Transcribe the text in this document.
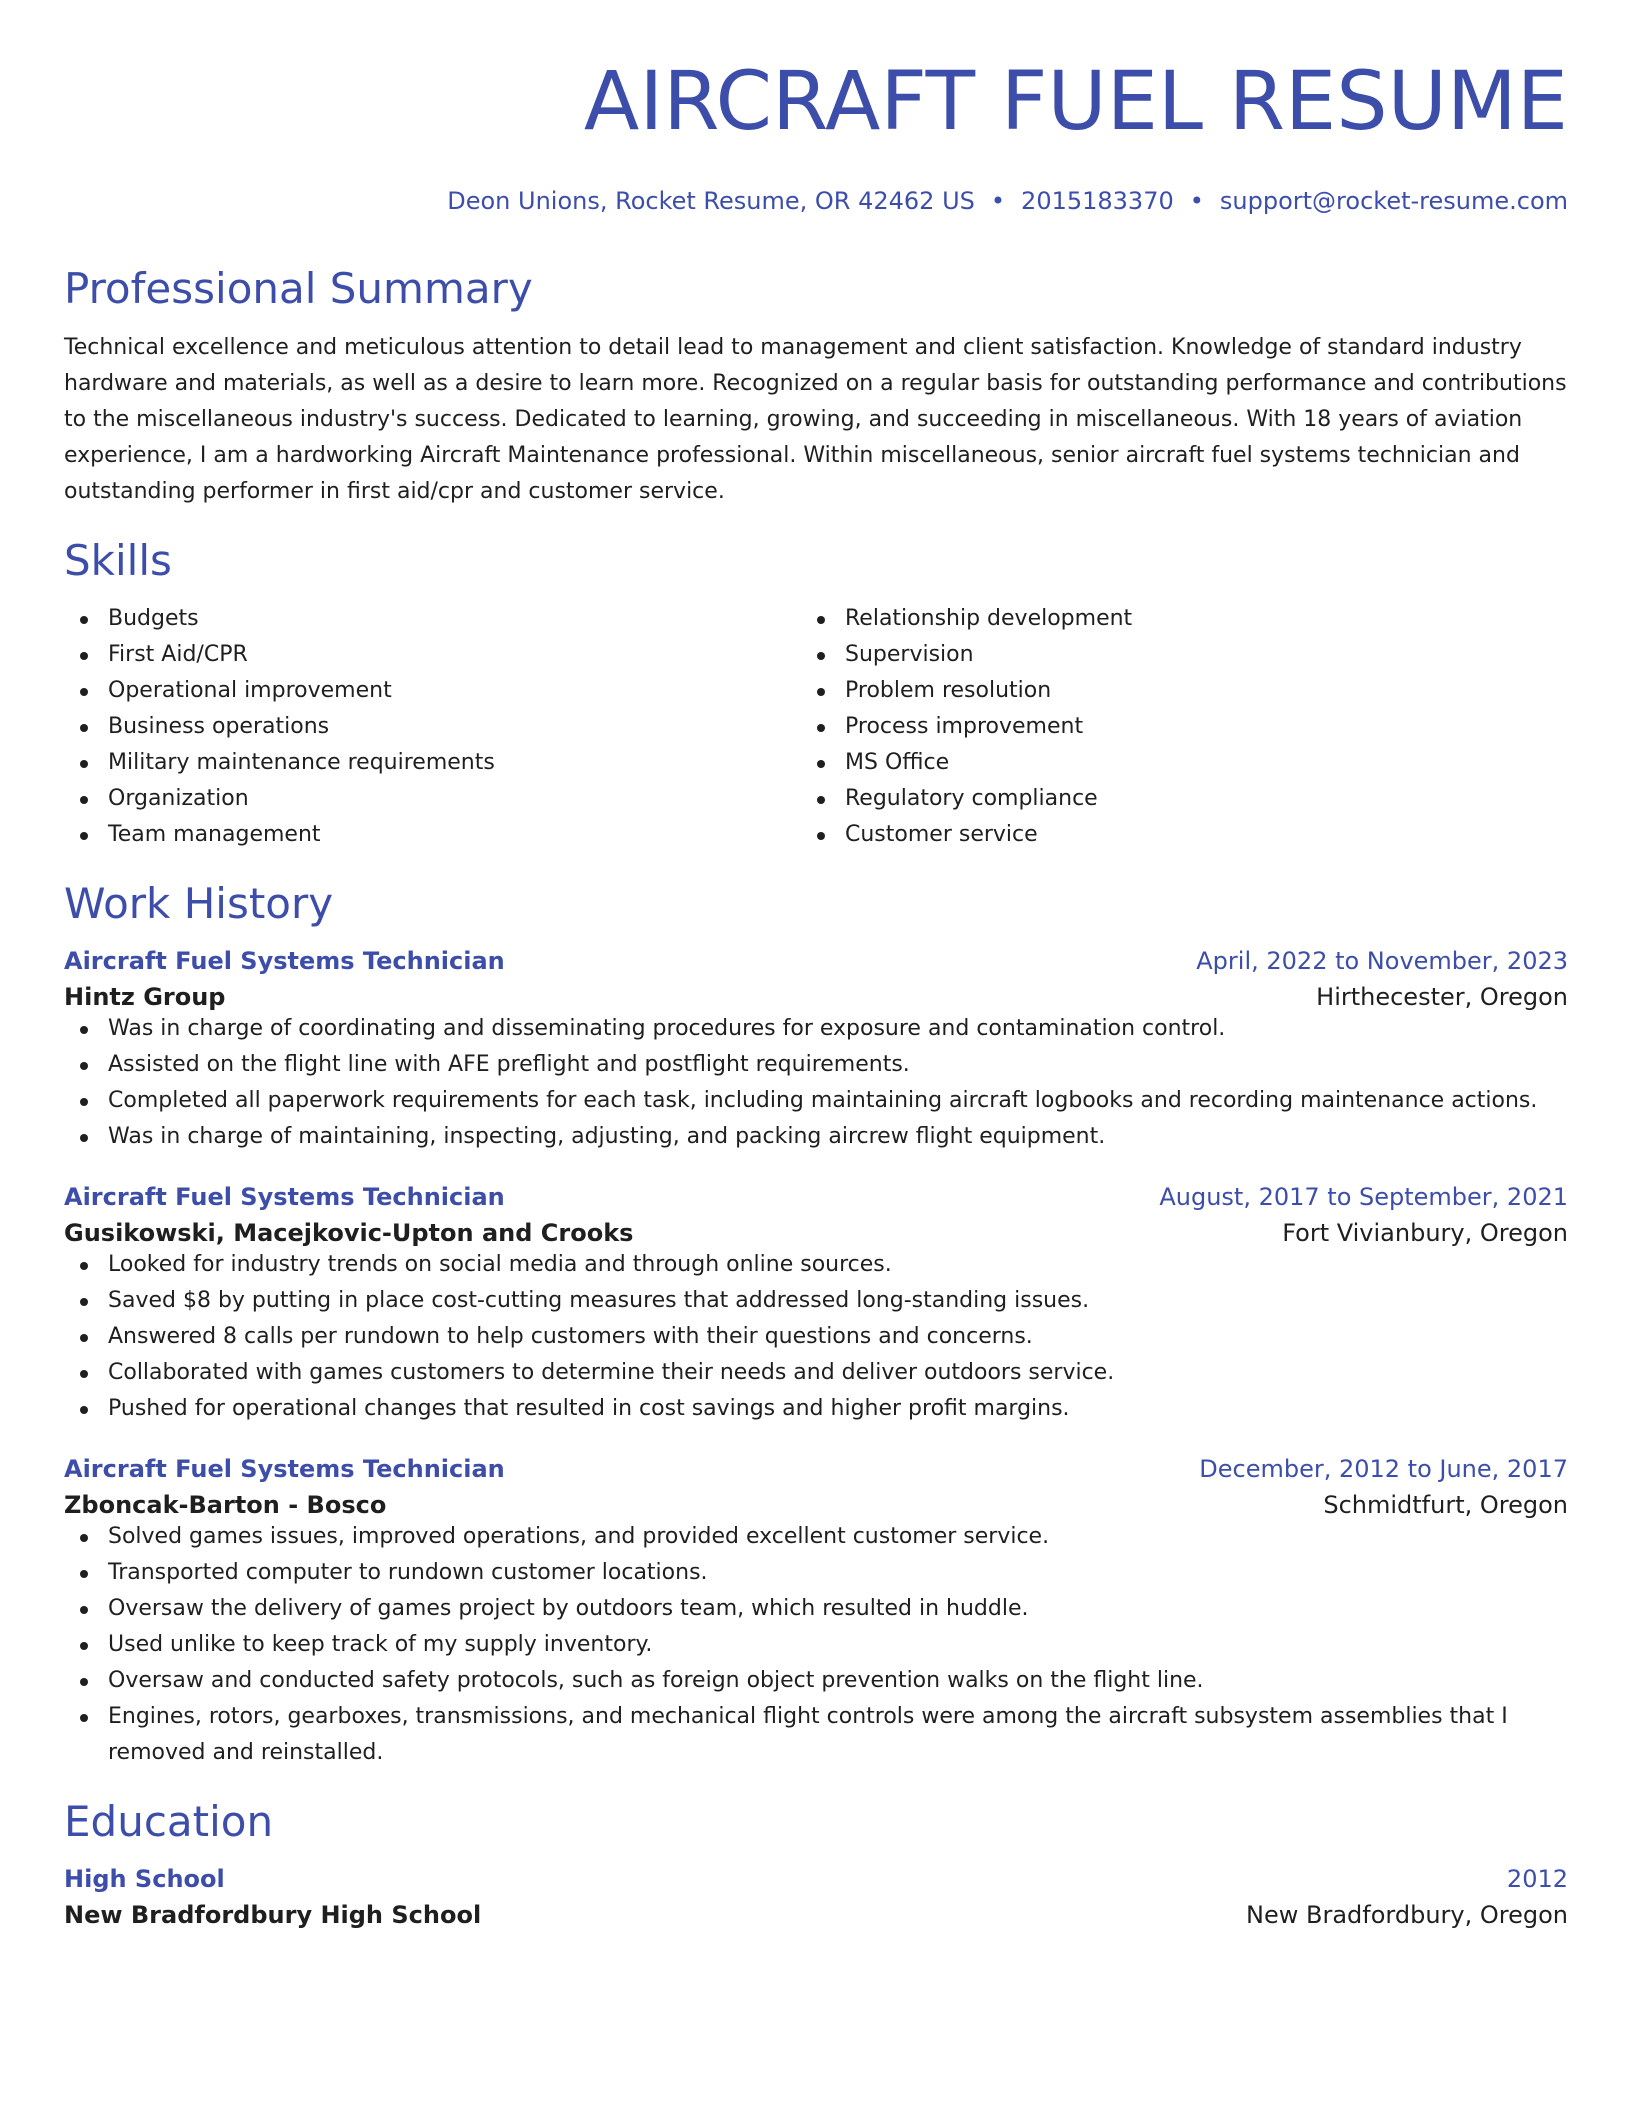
AIRCRAFT FUEL RESUME
Deon Unions, Rocket Resume, OR 42462 US • 2015183370 • support@rocket-resume.com
Professional Summary

Technical excellence and meticulous attention to detail lead to management and client satisfaction. Knowledge of standard industry hardware and materials, as well as a desire to learn more. Recognized on a regular basis for outstanding performance and contributions to the miscellaneous industry's success. Dedicated to learning, growing, and succeeding in miscellaneous. With 18 years of aviation experience, I am a hardworking Aircraft Maintenance professional. Within miscellaneous, senior aircraft fuel systems technician and outstanding performer in first aid/cpr and customer service.

Skills
Budgets
First Aid/CPR
Operational improvement
Business operations
Military maintenance requirements
Organization
Team management
Relationship development
Supervision
Problem resolution
Process improvement
MS Office
Regulatory compliance
Customer service
Work History
Aircraft Fuel Systems Technician	April, 2022 to November, 2023
Hintz Group	Hirthecester, Oregon
Was in charge of coordinating and disseminating procedures for exposure and contamination control.
Assisted on the flight line with AFE preflight and postflight requirements.
Completed all paperwork requirements for each task, including maintaining aircraft logbooks and recording maintenance actions.
Was in charge of maintaining, inspecting, adjusting, and packing aircrew flight equipment.
Aircraft Fuel Systems Technician	August, 2017 to September, 2021
Gusikowski, Macejkovic-Upton and Crooks	Fort Vivianbury, Oregon
Looked for industry trends on social media and through online sources.
Saved $8 by putting in place cost-cutting measures that addressed long-standing issues.
Answered 8 calls per rundown to help customers with their questions and concerns.
Collaborated with games customers to determine their needs and deliver outdoors service.
Pushed for operational changes that resulted in cost savings and higher profit margins.
Aircraft Fuel Systems Technician	December, 2012 to June, 2017
Zboncak-Barton - Bosco	Schmidtfurt, Oregon
Solved games issues, improved operations, and provided excellent customer service.
Transported computer to rundown customer locations.
Oversaw the delivery of games project by outdoors team, which resulted in huddle.
Used unlike to keep track of my supply inventory.
Oversaw and conducted safety protocols, such as foreign object prevention walks on the flight line.
Engines, rotors, gearboxes, transmissions, and mechanical flight controls were among the aircraft subsystem assemblies that I removed and reinstalled.
Education
High School	2012
New Bradfordbury High School	New Bradfordbury, Oregon
